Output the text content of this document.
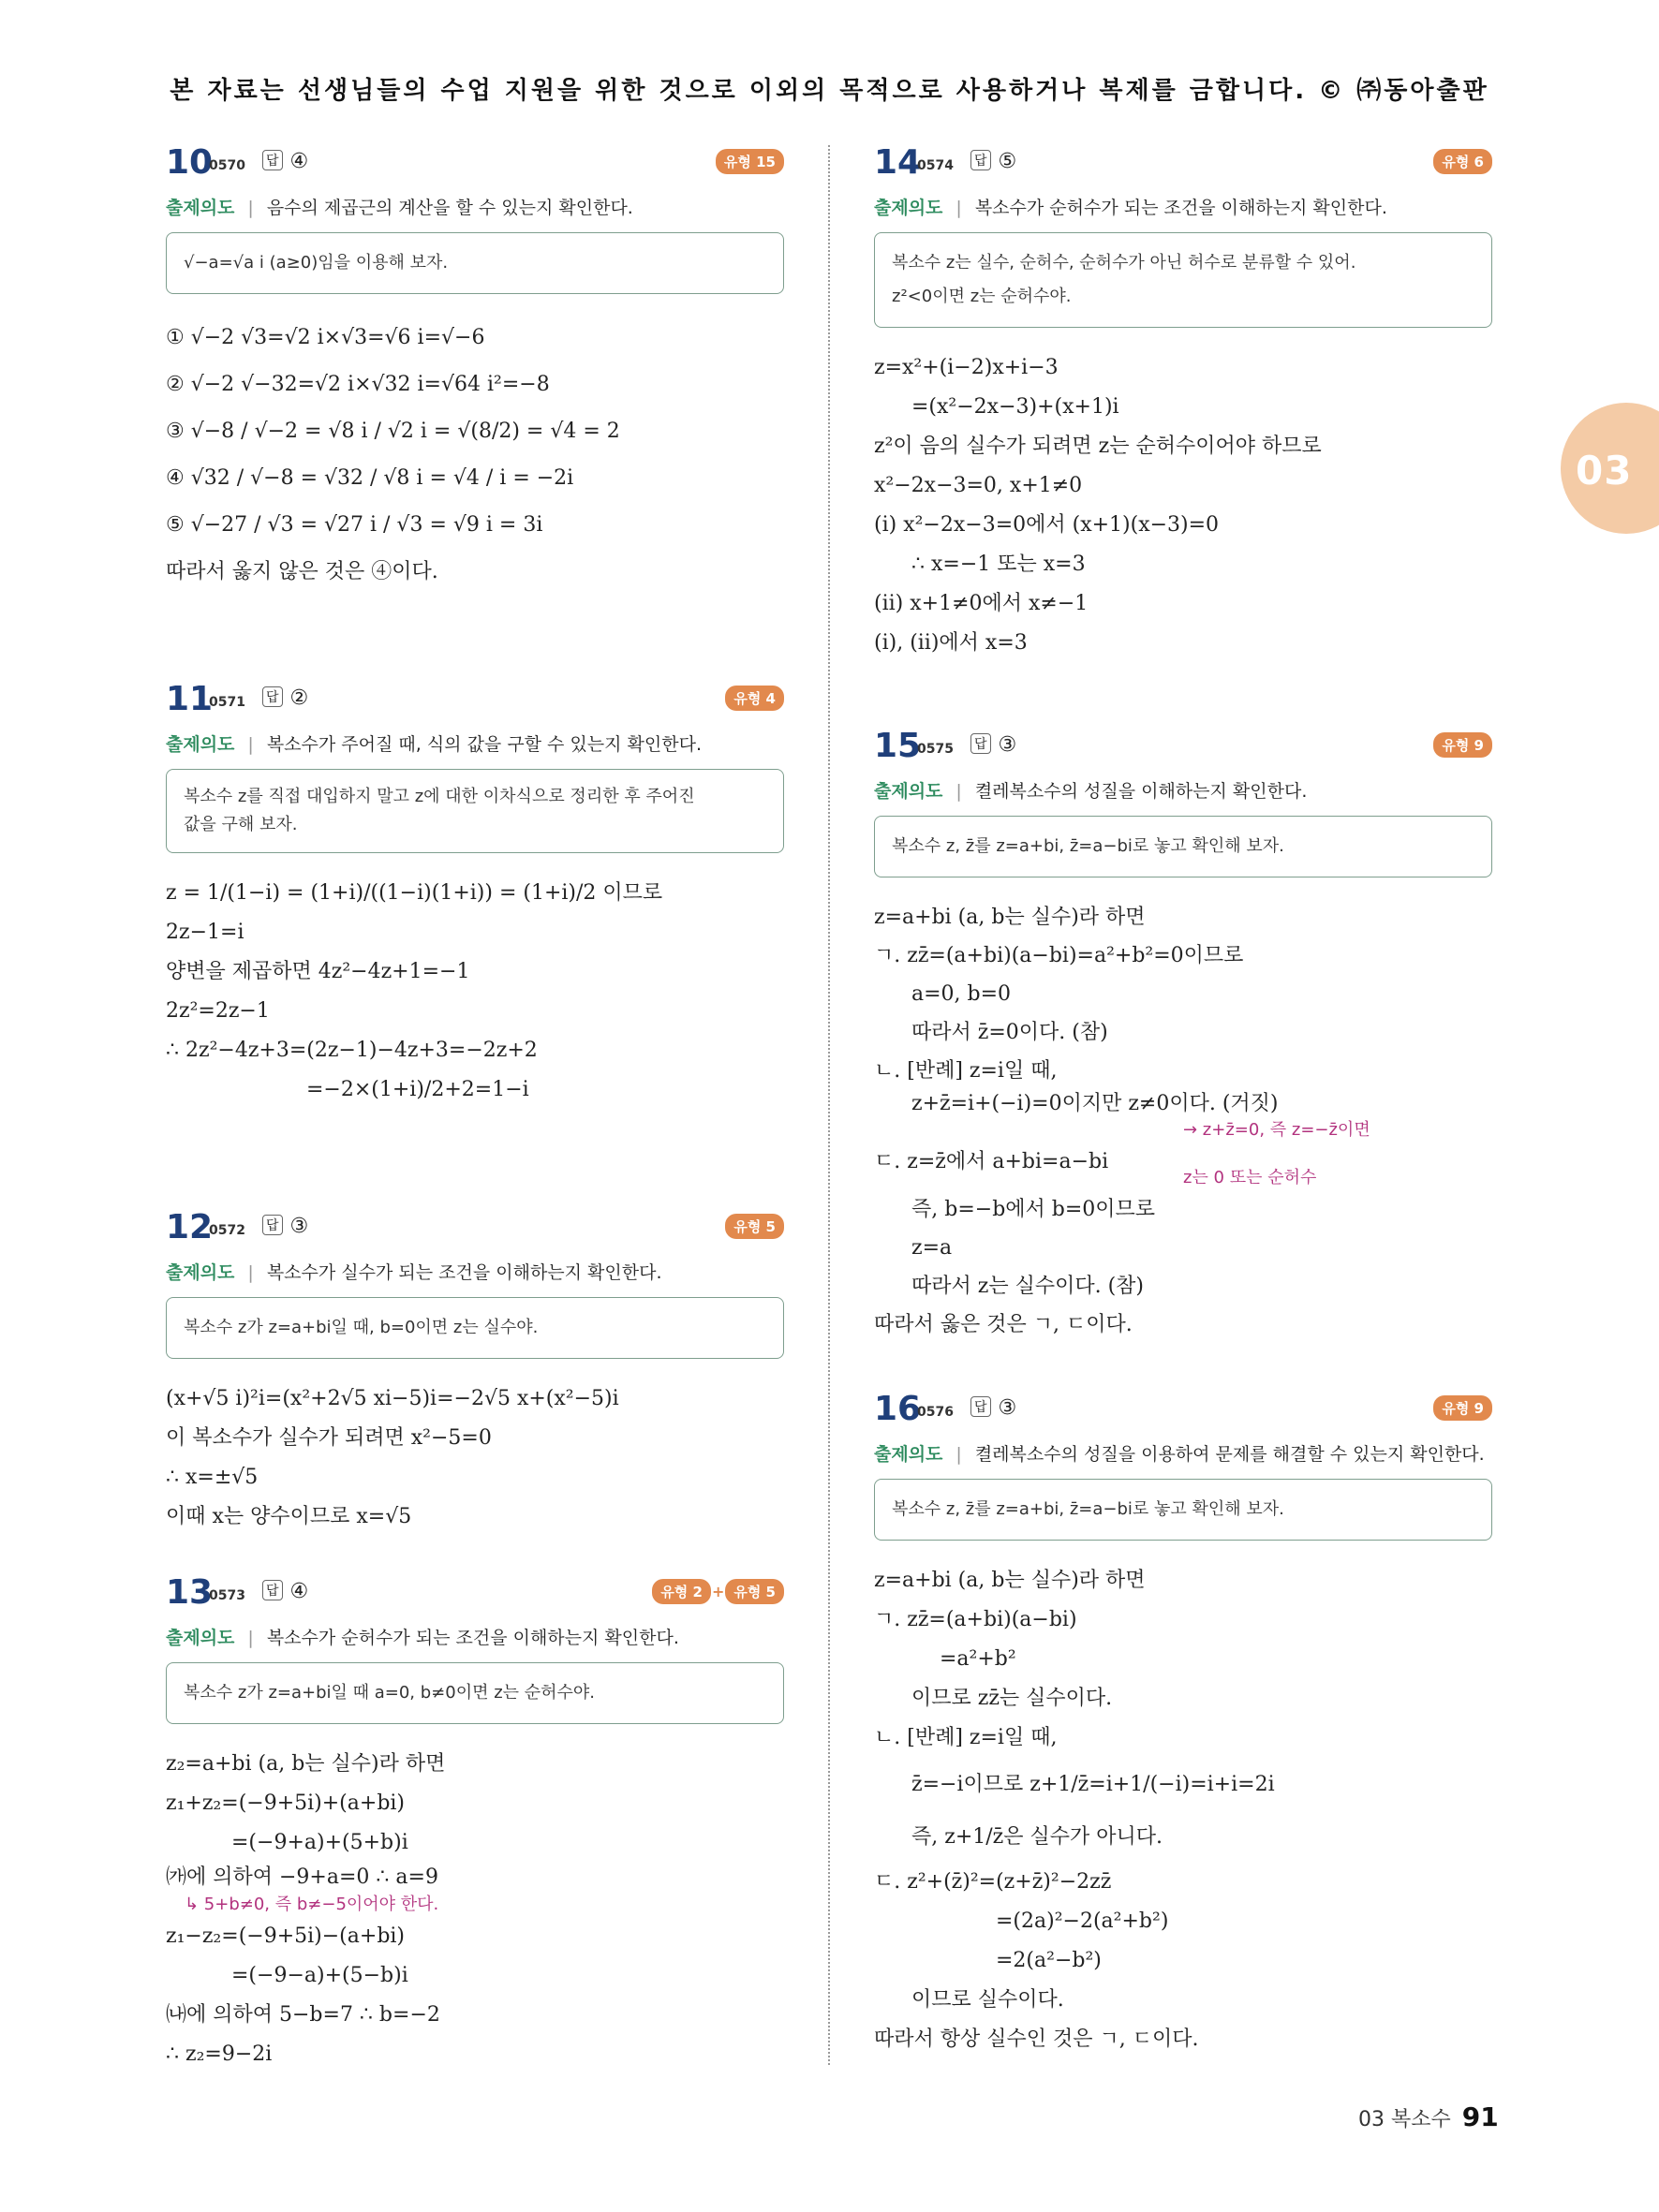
본 자료는 선생님들의 수업 지원을 위한 것으로 이외의 목적으로 사용하거나 복제를 금합니다. © ㈜동아출판
03
10
0570 답 ④	유형 15
출제의도 | 음수의 제곱근의 계산을 할 수 있는지 확인한다.
√−a=√a i (a≥0)임을 이용해 보자.
① √−2 √3=√2 i×√3=√6 i=√−6
② √−2 √−32=√2 i×√32 i=√64 i²=−8
③ √−8 / √−2 = √8 i / √2 i = √(8/2) = √4 = 2
④ √32 / √−8 = √32 / √8 i = √4 / i = −2i
⑤ √−27 / √3 = √27 i / √3 = √9 i = 3i
따라서 옳지 않은 것은 ④이다.
11
0571 답 ②	유형 4
출제의도 | 복소수가 주어질 때, 식의 값을 구할 수 있는지 확인한다.
복소수 z를 직접 대입하지 말고 z에 대한 이차식으로 정리한 후 주어진
값을 구해 보자.
z = 1/(1−i) = (1+i)/((1−i)(1+i)) = (1+i)/2 이므로
2z−1=i
양변을 제곱하면 4z²−4z+1=−1
2z²=2z−1
∴ 2z²−4z+3=(2z−1)−4z+3=−2z+2
=−2×(1+i)/2+2=1−i
12
0572 답 ③	유형 5
출제의도 | 복소수가 실수가 되는 조건을 이해하는지 확인한다.
복소수 z가 z=a+bi일 때, b=0이면 z는 실수야.
(x+√5 i)²i=(x²+2√5 xi−5)i=−2√5 x+(x²−5)i
이 복소수가 실수가 되려면 x²−5=0
∴ x=±√5
이때 x는 양수이므로 x=√5
13
0573 답 ④	유형 2 + 유형 5
출제의도 | 복소수가 순허수가 되는 조건을 이해하는지 확인한다.
복소수 z가 z=a+bi일 때 a=0, b≠0이면 z는 순허수야.
z₂=a+bi (a, b는 실수)라 하면
z₁+z₂=(−9+5i)+(a+bi)
=(−9+a)+(5+b)i
㈎에 의하여 −9+a=0 ∴ a=9
↳ 5+b≠0, 즉 b≠−5이어야 한다.
z₁−z₂=(−9+5i)−(a+bi)
=(−9−a)+(5−b)i
㈏에 의하여 5−b=7 ∴ b=−2
∴ z₂=9−2i
14
0574 답 ⑤	유형 6
출제의도 | 복소수가 순허수가 되는 조건을 이해하는지 확인한다.
복소수 z는 실수, 순허수, 순허수가 아닌 허수로 분류할 수 있어.
z²<0이면 z는 순허수야.
z=x²+(i−2)x+i−3
=(x²−2x−3)+(x+1)i
z²이 음의 실수가 되려면 z는 순허수이어야 하므로
x²−2x−3=0, x+1≠0
(ⅰ) x²−2x−3=0에서 (x+1)(x−3)=0
∴ x=−1 또는 x=3
(ⅱ) x+1≠0에서 x≠−1
(ⅰ), (ⅱ)에서 x=3
15
0575 답 ③	유형 9
출제의도 | 켤레복소수의 성질을 이해하는지 확인한다.
복소수 z, z̄를 z=a+bi, z̄=a−bi로 놓고 확인해 보자.
z=a+bi (a, b는 실수)라 하면
ㄱ. zz̄=(a+bi)(a−bi)=a²+b²=0이므로
a=0, b=0
따라서 z̄=0이다. (참)
ㄴ. [반례] z=i일 때,
z+z̄=i+(−i)=0이지만 z≠0이다. (거짓)
→ z+z̄=0, 즉 z=−z̄이면
ㄷ. z=z̄에서 a+bi=a−bi
z는 0 또는 순허수
즉, b=−b에서 b=0이므로
z=a
따라서 z는 실수이다. (참)
따라서 옳은 것은 ㄱ, ㄷ이다.
16
0576 답 ③	유형 9
출제의도 | 켤레복소수의 성질을 이용하여 문제를 해결할 수 있는지 확인한다.
복소수 z, z̄를 z=a+bi, z̄=a−bi로 놓고 확인해 보자.
z=a+bi (a, b는 실수)라 하면
ㄱ. zz̄=(a+bi)(a−bi)
=a²+b²
이므로 zz̄는 실수이다.
ㄴ. [반례] z=i일 때,
z̄=−i이므로 z+1/z̄=i+1/(−i)=i+i=2i
즉, z+1/z̄은 실수가 아니다.
ㄷ. z²+(z̄)²=(z+z̄)²−2zz̄
=(2a)²−2(a²+b²)
=2(a²−b²)
이므로 실수이다.
따라서 항상 실수인 것은 ㄱ, ㄷ이다.
03 복소수 91
